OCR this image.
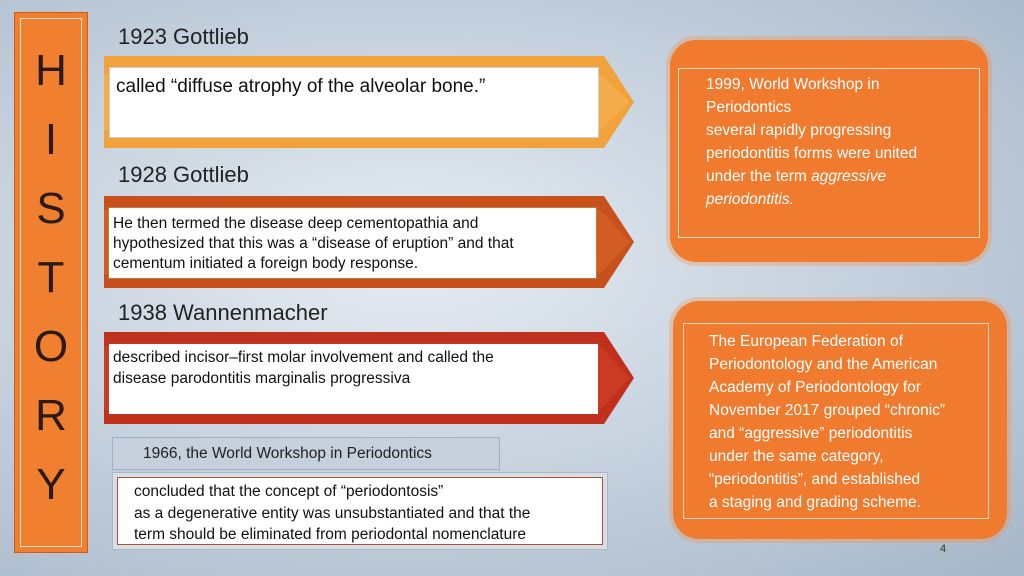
H
I
S
T
O
R
Y
1923 Gottlieb
called “diffuse atrophy of the alveolar bone.”
1928 Gottlieb
He then termed the disease deep cementopathia and
hypothesized that this was a “disease of eruption” and that
cementum initiated a foreign body response.
1938 Wannenmacher
described incisor–first molar involvement and called the
disease parodontitis marginalis progressiva
1966, the World Workshop in Periodontics
concluded that the concept of “periodontosis”
as a degenerative entity was unsubstantiated and that the
term should be eliminated from periodontal nomenclature
1999, World Workshop in
Periodontics
several rapidly progressing
periodontitis forms were united
under the term aggressive
periodontitis.
The European Federation of
Periodontology and the American
Academy of Periodontology for
November 2017 grouped “chronic”
and “aggressive” periodontitis
under the same category,
“periodontitis”, and established
a staging and grading scheme.
4
